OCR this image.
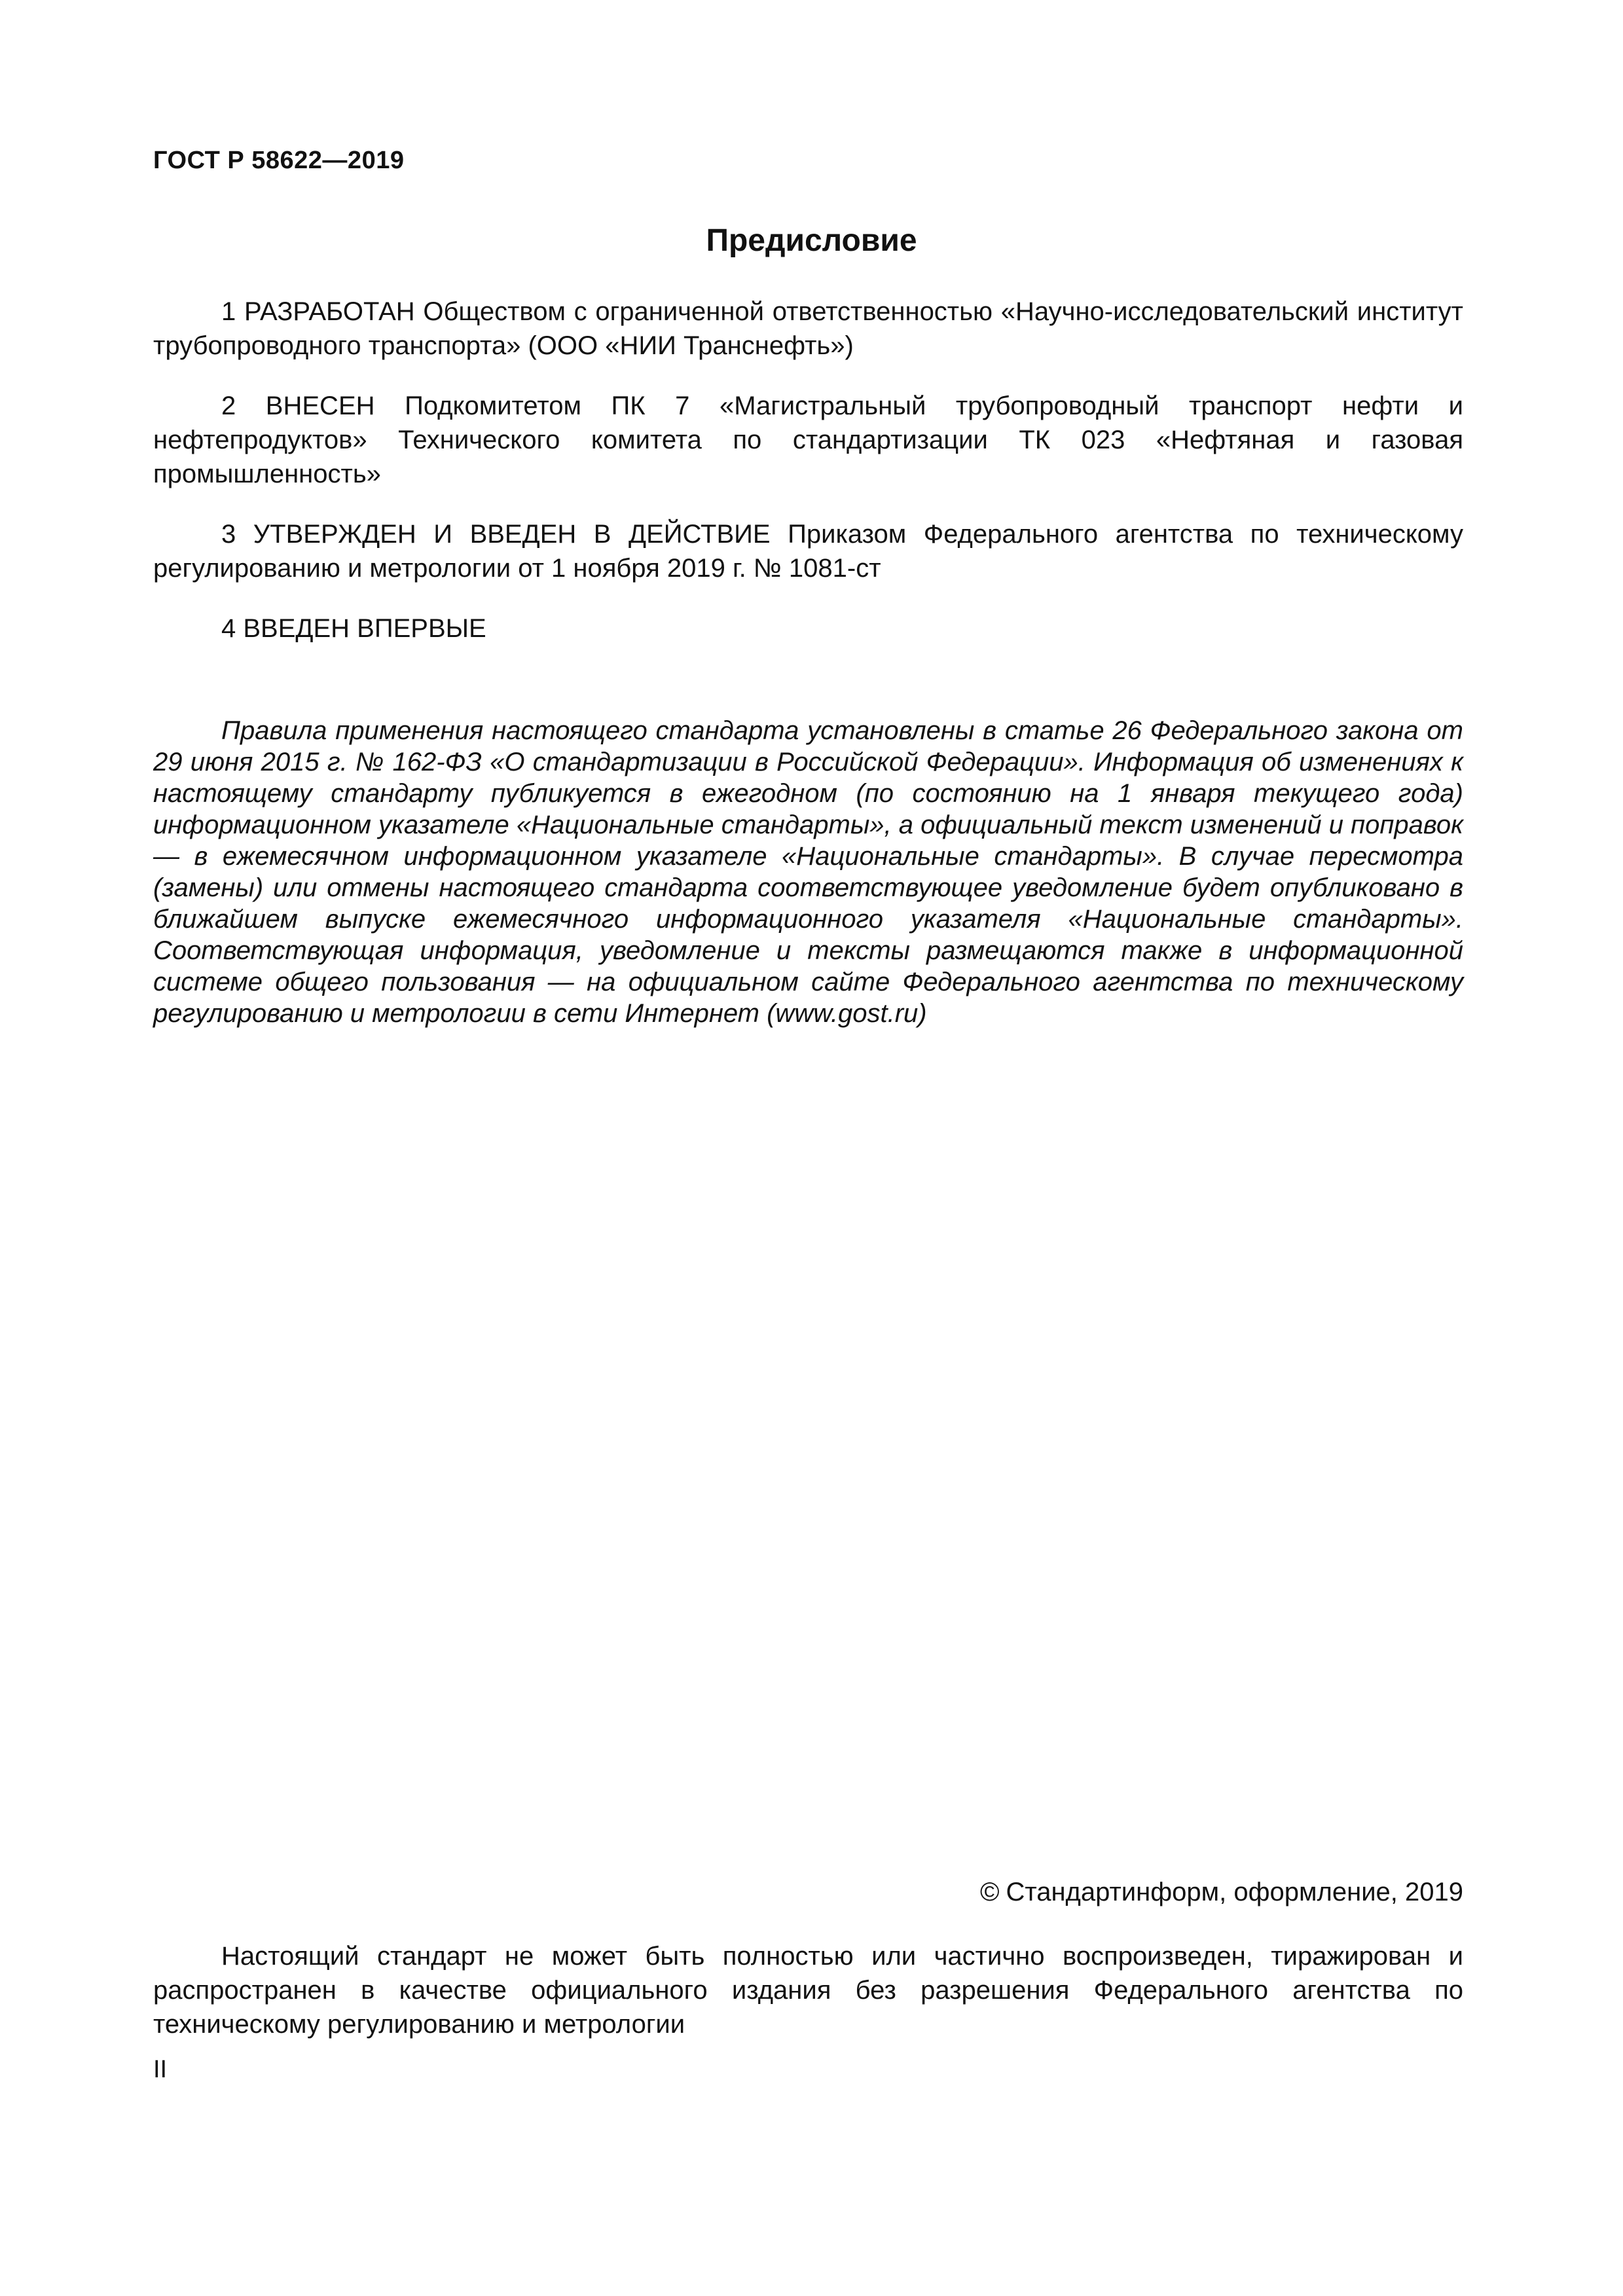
ГОСТ Р 58622—2019
Предисловие

1 РАЗРАБОТАН Обществом с ограниченной ответственностью «Научно-исследовательский институт трубопроводного транспорта» (ООО «НИИ Транснефть»)

2 ВНЕСЕН Подкомитетом ПК 7 «Магистральный трубопроводный транспорт нефти и нефтепродуктов» Технического комитета по стандартизации ТК 023 «Нефтяная и газовая промышленность»

3 УТВЕРЖДЕН И ВВЕДЕН В ДЕЙСТВИЕ Приказом Федерального агентства по техническому регулированию и метрологии от 1 ноября 2019 г. № 1081-ст

4 ВВЕДЕН ВПЕРВЫЕ

Правила применения настоящего стандарта установлены в статье 26 Федерального закона от 29 июня 2015 г. № 162-ФЗ «О стандартизации в Российской Федерации». Информация об изменениях к настоящему стандарту публикуется в ежегодном (по состоянию на 1 января текущего года) информационном указателе «Национальные стандарты», а официальный текст изменений и поправок — в ежемесячном информационном указателе «Национальные стандарты». В случае пересмотра (замены) или отмены настоящего стандарта соответствующее уведомление будет опубликовано в ближайшем выпуске ежемесячного информационного указателя «Национальные стандарты». Соответствующая информация, уведомление и тексты размещаются также в информационной системе общего пользования — на официальном сайте Федерального агентства по техническому регулированию и метрологии в сети Интернет (www.gost.ru)

© Стандартинформ, оформление, 2019

Настоящий стандарт не может быть полностью или частично воспроизведен, тиражирован и распространен в качестве официального издания без разрешения Федерального агентства по техническому регулированию и метрологии

II
